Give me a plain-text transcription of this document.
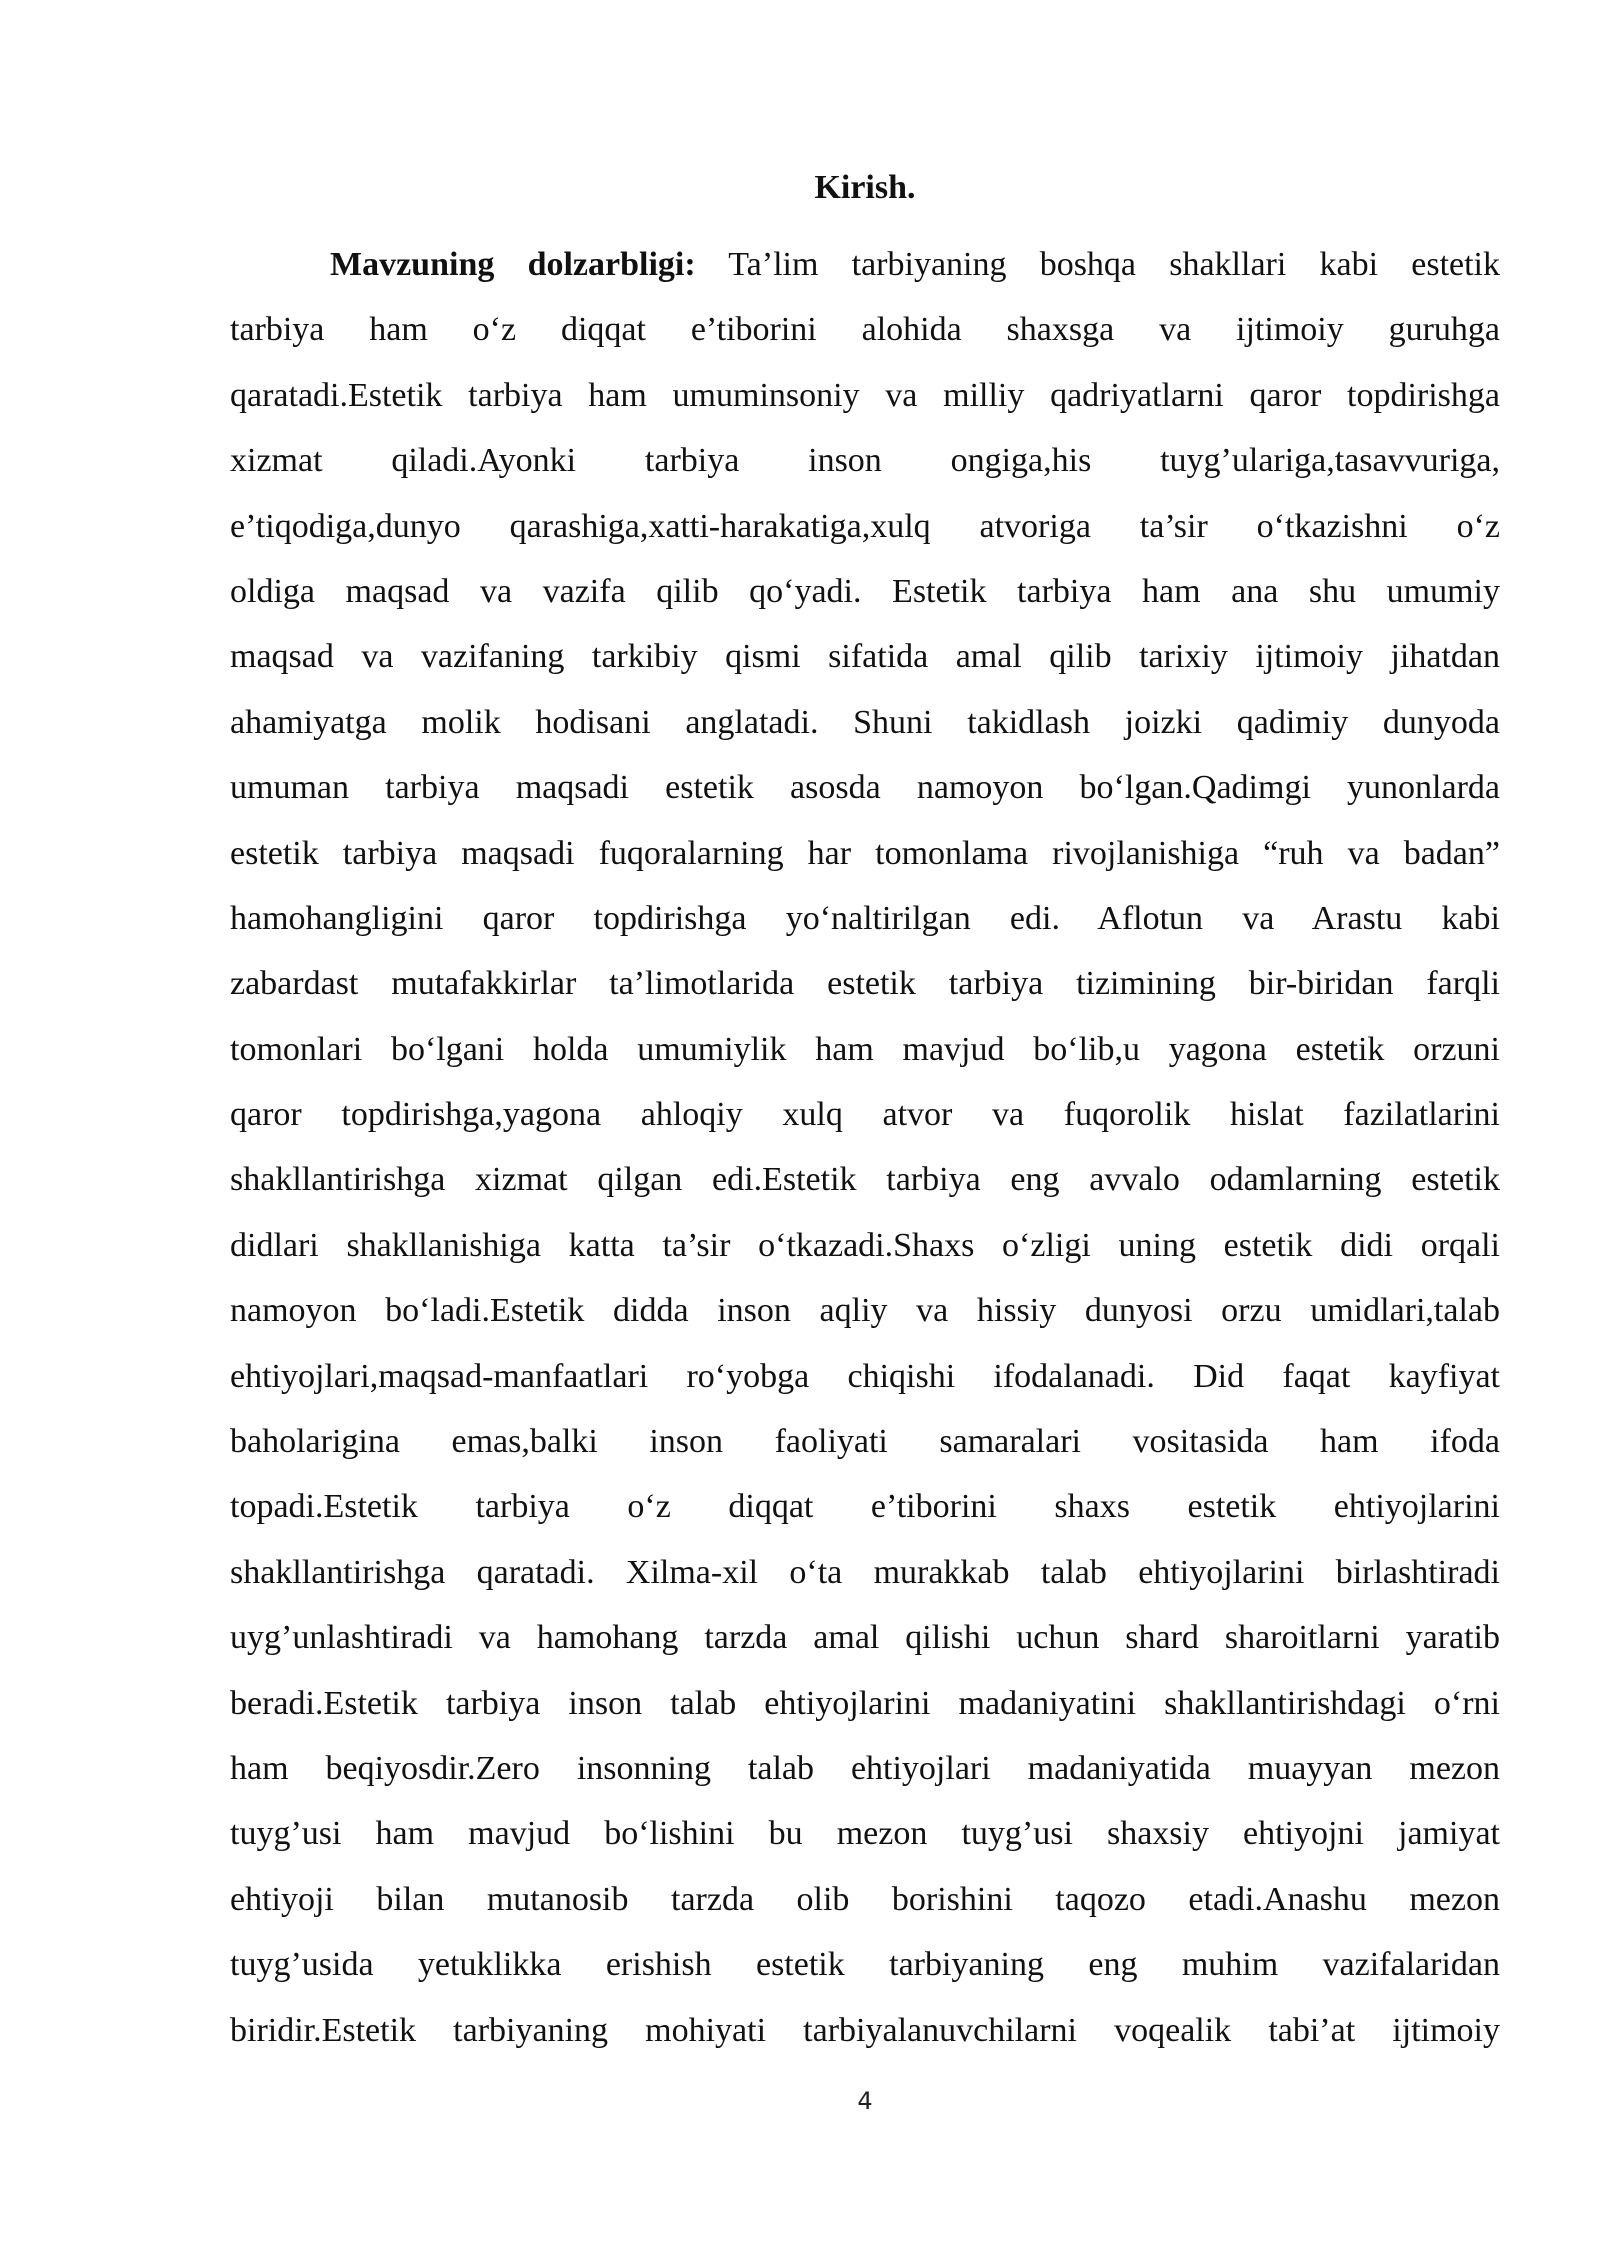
Kirish.
Mavzuning dolzarbligi: Ta’lim tarbiyaning boshqa shakllari kabi estetik
tarbiya ham o‘z diqqat e’tiborini alohida shaxsga va ijtimoiy guruhga
qaratadi.Estetik tarbiya ham umuminsoniy va milliy qadriyatlarni qaror topdirishga
xizmat qiladi.Ayonki tarbiya inson ongiga,his tuyg’ulariga,tasavvuriga,
e’tiqodiga,dunyo qarashiga,xatti-harakatiga,xulq atvoriga ta’sir o‘tkazishni o‘z
oldiga maqsad va vazifa qilib qo‘yadi. Estetik tarbiya ham ana shu umumiy
maqsad va vazifaning tarkibiy qismi sifatida amal qilib tarixiy ijtimoiy jihatdan
ahamiyatga molik hodisani anglatadi. Shuni takidlash joizki qadimiy dunyoda
umuman tarbiya maqsadi estetik asosda namoyon bo‘lgan.Qadimgi yunonlarda
estetik tarbiya maqsadi fuqoralarning har tomonlama rivojlanishiga “ruh va badan”
hamohangligini qaror topdirishga yo‘naltirilgan edi. Aflotun va Arastu kabi
zabardast mutafakkirlar ta’limotlarida estetik tarbiya tizimining bir-biridan farqli
tomonlari bo‘lgani holda umumiylik ham mavjud bo‘lib,u yagona estetik orzuni
qaror topdirishga,yagona ahloqiy xulq atvor va fuqorolik hislat fazilatlarini
shakllantirishga xizmat qilgan edi.Estetik tarbiya eng avvalo odamlarning estetik
didlari shakllanishiga katta ta’sir o‘tkazadi.Shaxs o‘zligi uning estetik didi orqali
namoyon bo‘ladi.Estetik didda inson aqliy va hissiy dunyosi orzu umidlari,talab
ehtiyojlari,maqsad-manfaatlari ro‘yobga chiqishi ifodalanadi. Did faqat kayfiyat
baholarigina emas,balki inson faoliyati samaralari vositasida ham ifoda
topadi.Estetik tarbiya o‘z diqqat e’tiborini shaxs estetik ehtiyojlarini
shakllantirishga qaratadi. Xilma-xil o‘ta murakkab talab ehtiyojlarini birlashtiradi
uyg’unlashtiradi va hamohang tarzda amal qilishi uchun shard sharoitlarni yaratib
beradi.Estetik tarbiya inson talab ehtiyojlarini madaniyatini shakllantirishdagi o‘rni
ham beqiyosdir.Zero insonning talab ehtiyojlari madaniyatida muayyan mezon
tuyg’usi ham mavjud bo‘lishini bu mezon tuyg’usi shaxsiy ehtiyojni jamiyat
ehtiyoji bilan mutanosib tarzda olib borishini taqozo etadi.Anashu mezon
tuyg’usida yetuklikka erishish estetik tarbiyaning eng muhim vazifalaridan
biridir.Estetik tarbiyaning mohiyati tarbiyalanuvchilarni voqealik tabi’at ijtimoiy
4
